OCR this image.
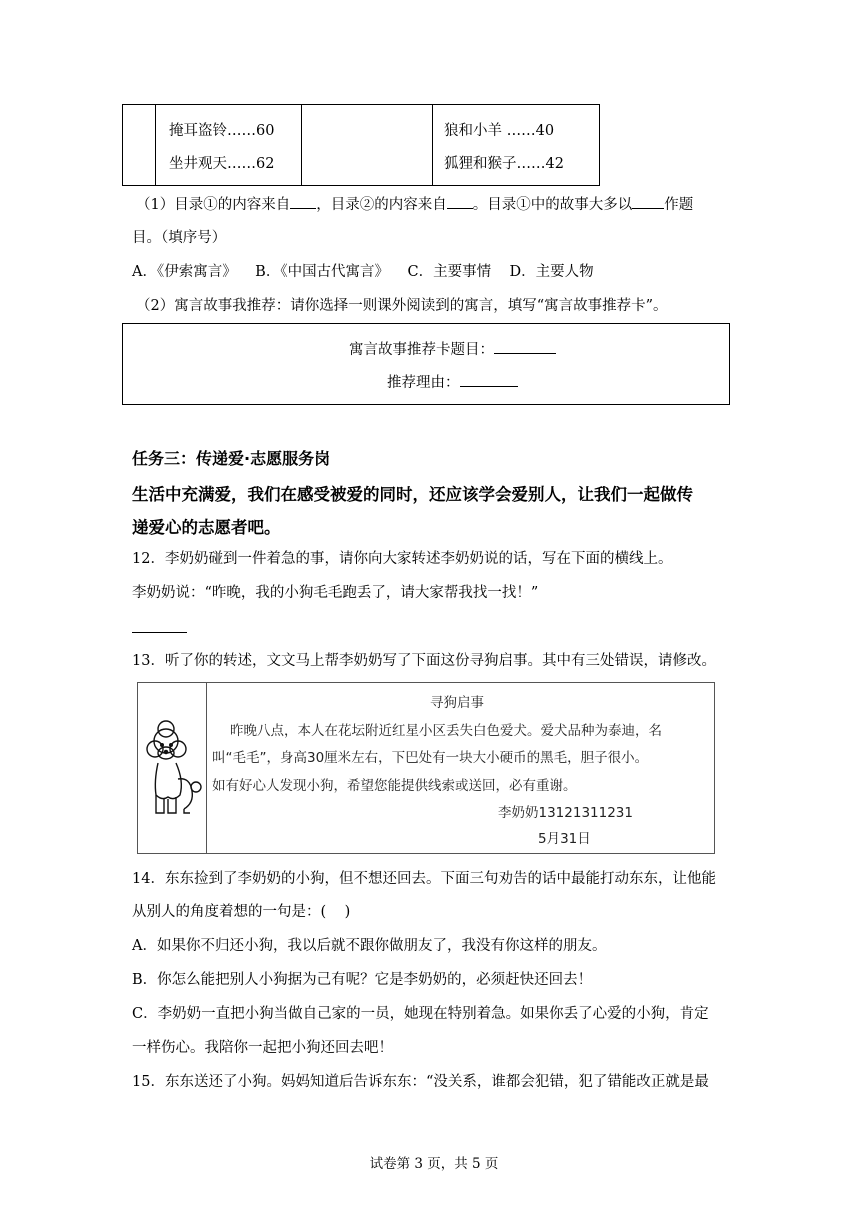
掩耳盗铃……60
坐井观天……62
狼和小羊 ……40
狐狸和猴子……42
（1）目录①的内容来自 ，目录②的内容来自 。目录①中的故事大多以 作题
目。（填序号）
A．《伊索寓言》    B．《中国古代寓言》    C．主要事情    D．主要人物
（2）寓言故事我推荐：请你选择一则课外阅读到的寓言，填写“寓言故事推荐卡”。
寓言故事推荐卡题目：
推荐理由：
任务三：传递爱·志愿服务岗
生活中充满爱，我们在感受被爱的同时，还应该学会爱别人，让我们一起做传
递爱心的志愿者吧。
12．李奶奶碰到一件着急的事，请你向大家转述李奶奶说的话，写在下面的横线上。
李奶奶说：“昨晚，我的小狗毛毛跑丢了，请大家帮我找一找！”
13．听了你的转述，文文马上帮李奶奶写了下面这份寻狗启事。其中有三处错误，请修改。
寻狗启事
昨晚八点，本人在花坛附近红星小区丢失白色爱犬。爱犬品种为泰迪，名
叫“毛毛”，身高30厘米左右，下巴处有一块大小硬币的黑毛，胆子很小。
如有好心人发现小狗，希望您能提供线索或送回，必有重谢。
李奶奶13121311231
5月31日
14．东东捡到了李奶奶的小狗，但不想还回去。下面三句劝告的话中最能打动东东，让他能
从别人的角度着想的一句是：(    )
A．如果你不归还小狗，我以后就不跟你做朋友了，我没有你这样的朋友。
B．你怎么能把别人小狗据为己有呢？它是李奶奶的，必须赶快还回去！
C．李奶奶一直把小狗当做自己家的一员，她现在特别着急。如果你丢了心爱的小狗，肯定
一样伤心。我陪你一起把小狗还回去吧！
15．东东送还了小狗。妈妈知道后告诉东东：“没关系，谁都会犯错，犯了错能改正就是最
试卷第 3 页，共 5 页
